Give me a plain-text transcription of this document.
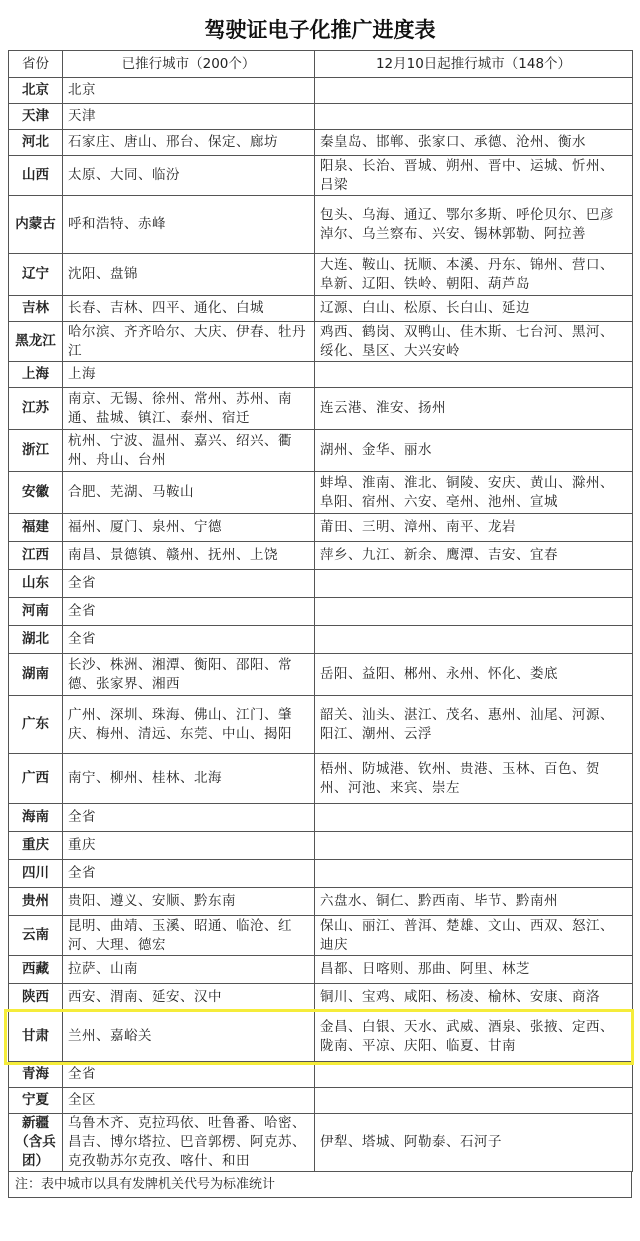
驾驶证电子化推广进度表
省份	已推行城市（200个）	12月10日起推行城市（148个）
北京	北京	
天津	天津	
河北	石家庄、唐山、邢台、保定、廊坊	秦皇岛、邯郸、张家口、承德、沧州、衡水
山西	太原、大同、临汾	阳泉、长治、晋城、朔州、晋中、运城、忻州、吕梁
内蒙古	呼和浩特、赤峰	包头、乌海、通辽、鄂尔多斯、呼伦贝尔、巴彦淖尔、乌兰察布、兴安、锡林郭勒、阿拉善
辽宁	沈阳、盘锦	大连、鞍山、抚顺、本溪、丹东、锦州、营口、阜新、辽阳、铁岭、朝阳、葫芦岛
吉林	长春、吉林、四平、通化、白城	辽源、白山、松原、长白山、延边
黑龙江	哈尔滨、齐齐哈尔、大庆、伊春、牡丹江	鸡西、鹤岗、双鸭山、佳木斯、七台河、黑河、绥化、垦区、大兴安岭
上海	上海	
江苏	南京、无锡、徐州、常州、苏州、南通、盐城、镇江、泰州、宿迁	连云港、淮安、扬州
浙江	杭州、宁波、温州、嘉兴、绍兴、衢州、舟山、台州	湖州、金华、丽水
安徽	合肥、芜湖、马鞍山	蚌埠、淮南、淮北、铜陵、安庆、黄山、滁州、阜阳、宿州、六安、亳州、池州、宣城
福建	福州、厦门、泉州、宁德	莆田、三明、漳州、南平、龙岩
江西	南昌、景德镇、赣州、抚州、上饶	萍乡、九江、新余、鹰潭、吉安、宜春
山东	全省	
河南	全省	
湖北	全省	
湖南	长沙、株洲、湘潭、衡阳、邵阳、常德、张家界、湘西	岳阳、益阳、郴州、永州、怀化、娄底
广东	广州、深圳、珠海、佛山、江门、肇庆、梅州、清远、东莞、中山、揭阳	韶关、汕头、湛江、茂名、惠州、汕尾、河源、阳江、潮州、云浮
广西	南宁、柳州、桂林、北海	梧州、防城港、钦州、贵港、玉林、百色、贺州、河池、来宾、崇左
海南	全省	
重庆	重庆	
四川	全省	
贵州	贵阳、遵义、安顺、黔东南	六盘水、铜仁、黔西南、毕节、黔南州
云南	昆明、曲靖、玉溪、昭通、临沧、红河、大理、德宏	保山、丽江、普洱、楚雄、文山、西双、怒江、迪庆
西藏	拉萨、山南	昌都、日喀则、那曲、阿里、林芝
陕西	西安、渭南、延安、汉中	铜川、宝鸡、咸阳、杨凌、榆林、安康、商洛
甘肃	兰州、嘉峪关	金昌、白银、天水、武威、酒泉、张掖、定西、陇南、平凉、庆阳、临夏、甘南
青海	全省	
宁夏	全区	
新疆（含兵团）	乌鲁木齐、克拉玛依、吐鲁番、哈密、昌吉、博尔塔拉、巴音郭楞、阿克苏、克孜勒苏尔克孜、喀什、和田	伊犁、塔城、阿勒泰、石河子
注：表中城市以具有发牌机关代号为标准统计
